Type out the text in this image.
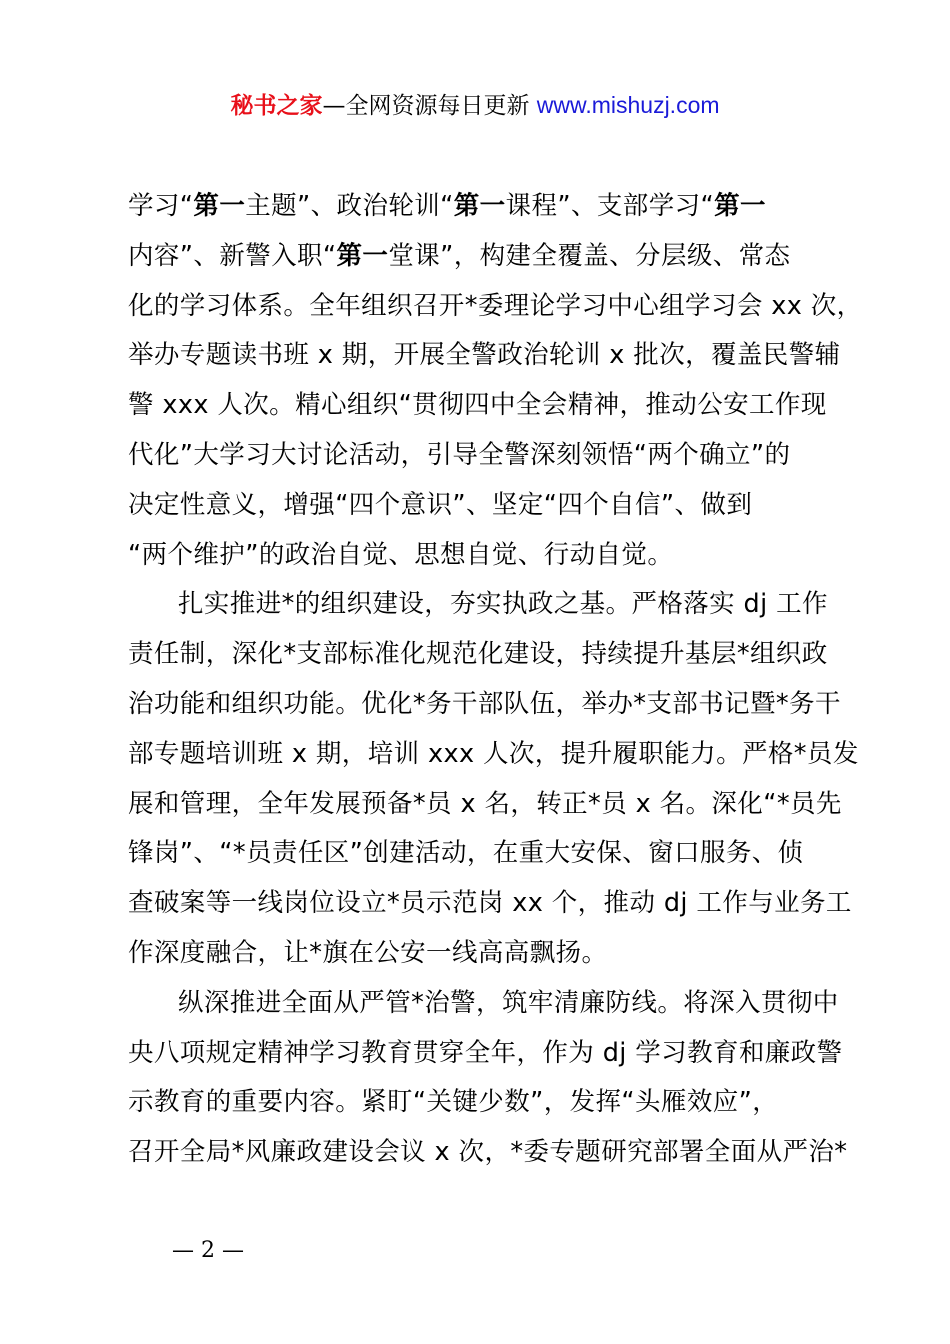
秘书之家—全网资源每日更新 www.mishuzj.com
学习“第一主题”、政治轮训“第一课程”、支部学习“第一
内容”、新警入职“第一堂课”，构建全覆盖、分层级、常态
化的学习体系。全年组织召开*委理论学习中心组学习会 xx 次，
举办专题读书班 x 期，开展全警政治轮训 x 批次，覆盖民警辅
警 xxx 人次。精心组织“贯彻四中全会精神，推动公安工作现
代化”大学习大讨论活动，引导全警深刻领悟“两个确立”的
决定性意义，增强“四个意识”、坚定“四个自信”、做到
“两个维护”的政治自觉、思想自觉、行动自觉。
扎实推进*的组织建设，夯实执政之基。严格落实 dj 工作
责任制，深化*支部标准化规范化建设，持续提升基层*组织政
治功能和组织功能。优化*务干部队伍，举办*支部书记暨*务干
部专题培训班 x 期，培训 xxx 人次，提升履职能力。严格*员发
展和管理，全年发展预备*员 x 名，转正*员 x 名。深化“*员先
锋岗”、“*员责任区”创建活动，在重大安保、窗口服务、侦
查破案等一线岗位设立*员示范岗 xx 个，推动 dj 工作与业务工
作深度融合，让*旗在公安一线高高飘扬。
纵深推进全面从严管*治警，筑牢清廉防线。将深入贯彻中
央八项规定精神学习教育贯穿全年，作为 dj 学习教育和廉政警
示教育的重要内容。紧盯“关键少数”，发挥“头雁效应”，
召开全局*风廉政建设会议 x 次，*委专题研究部署全面从严治*
— 2 —
